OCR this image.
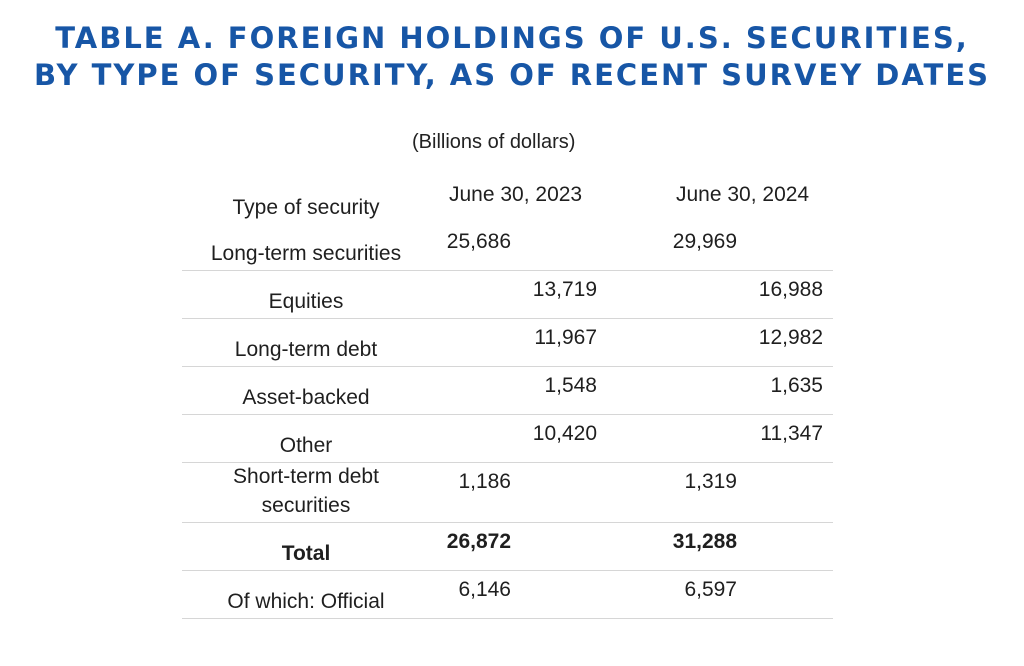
TABLE A. FOREIGN HOLDINGS OF U.S. SECURITIES,
BY TYPE OF SECURITY, AS OF RECENT SURVEY DATES
(Billions of dollars)
Type of security
June 30, 2023	June 30, 2024
Long-term securities
25,686	29,969
Equities
13,719	16,988
Long-term debt
11,967	12,982
Asset-backed
1,548	1,635
Other
10,420	11,347
Short-term debt
securities
1,186	1,319
Total
26,872	31,288
Of which: Official
6,146	6,597
